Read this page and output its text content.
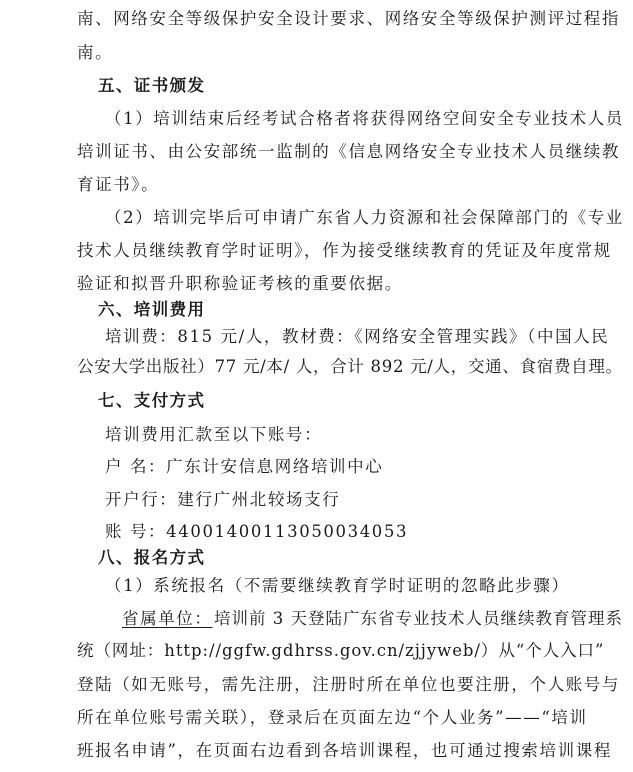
南、网络安全等级保护安全设计要求、网络安全等级保护测评过程指
南。
五、证书颁发
（1）培训结束后经考试合格者将获得网络空间安全专业技术人员
培训证书、由公安部统一监制的《信息网络安全专业技术人员继续教
育证书》。
（2）培训完毕后可申请广东省人力资源和社会保障部门的《专业
技术人员继续教育学时证明》，作为接受继续教育的凭证及年度常规
验证和拟晋升职称验证考核的重要依据。
六、培训费用
培训费：815 元/人，教材费：《网络安全管理实践》（中国人民
公安大学出版社）77 元/本/ 人，合计 892 元/人，交通、食宿费自理。
七、支付方式
培训费用汇款至以下账号：
户 名：广东计安信息网络培训中心
开户行：建行广州北较场支行
账 号：44001400113050034053
八、报名方式
（1）系统报名（不需要继续教育学时证明的忽略此步骤）
省属单位： 培训前 3 天登陆广东省专业技术人员继续教育管理系
统（网址：http://ggfw.gdhrss.gov.cn/zjjyweb/）从“个人入口”
登陆（如无账号，需先注册，注册时所在单位也要注册，个人账号与
所在单位账号需关联），登录后在页面左边“个人业务”——“培训
班报名申请”，在页面右边看到各培训课程，也可通过搜索培训课程
